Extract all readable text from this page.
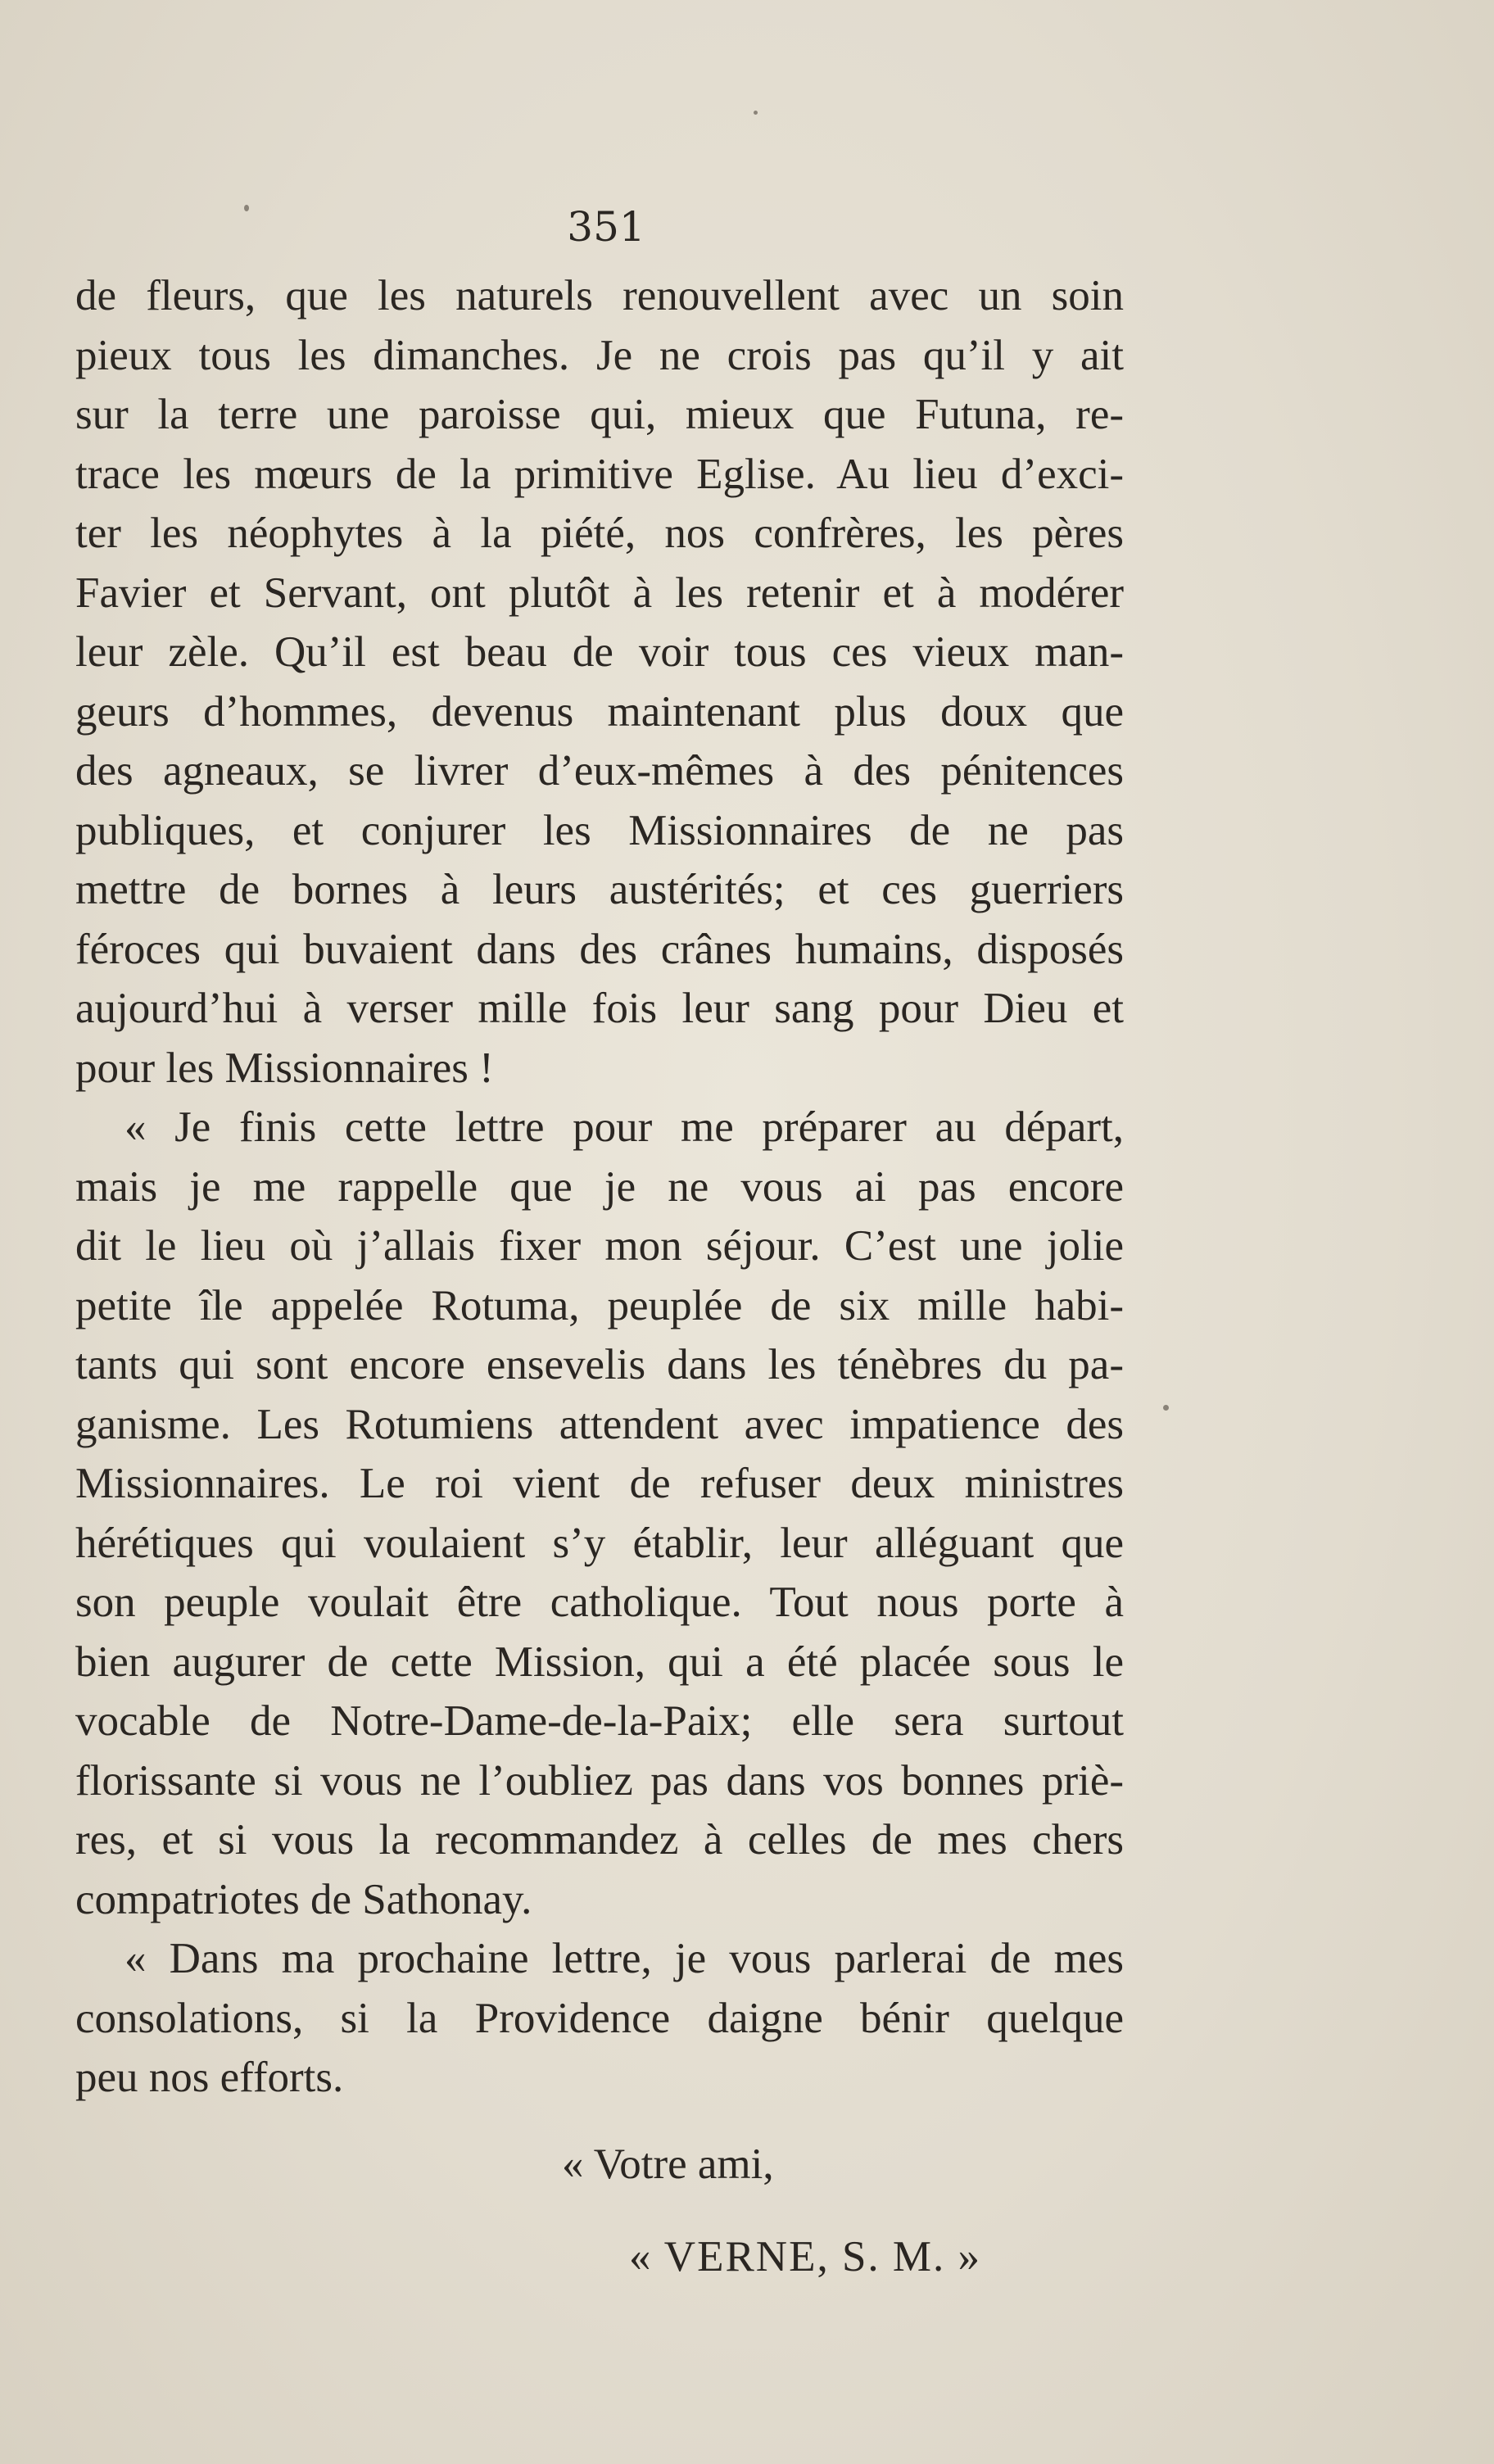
351
de fleurs, que les naturels renouvellent avec un soin
pieux tous les dimanches. Je ne crois pas qu’il y ait
sur la terre une paroisse qui, mieux que Futuna, re-
trace les mœurs de la primitive Eglise. Au lieu d’exci-
ter les néophytes à la piété, nos confrères, les pères
Favier et Servant, ont plutôt à les retenir et à modérer
leur zèle. Qu’il est beau de voir tous ces vieux man-
geurs d’hommes, devenus maintenant plus doux que
des agneaux, se livrer d’eux-mêmes à des pénitences
publiques, et conjurer les Missionnaires de ne pas
mettre de bornes à leurs austérités; et ces guerriers
féroces qui buvaient dans des crânes humains, disposés
aujourd’hui à verser mille fois leur sang pour Dieu et
pour les Missionnaires !
« Je finis cette lettre pour me préparer au départ,
mais je me rappelle que je ne vous ai pas encore
dit le lieu où j’allais fixer mon séjour. C’est une jolie
petite île appelée Rotuma, peuplée de six mille habi-
tants qui sont encore ensevelis dans les ténèbres du pa-
ganisme. Les Rotumiens attendent avec impatience des
Missionnaires. Le roi vient de refuser deux ministres
hérétiques qui voulaient s’y établir, leur alléguant que
son peuple voulait être catholique. Tout nous porte à
bien augurer de cette Mission, qui a été placée sous le
vocable de Notre-Dame-de-la-Paix; elle sera surtout
florissante si vous ne l’oubliez pas dans vos bonnes priè-
res, et si vous la recommandez à celles de mes chers
compatriotes de Sathonay.
« Dans ma prochaine lettre, je vous parlerai de mes
consolations, si la Providence daigne bénir quelque
peu nos efforts.
« Votre ami,
« VERNE, S. M. »
